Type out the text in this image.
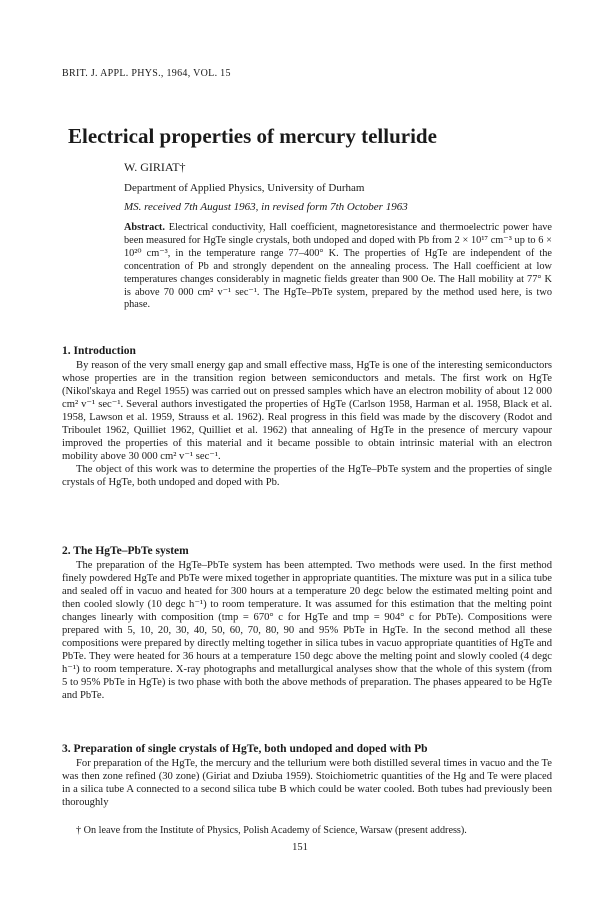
BRIT. J. APPL. PHYS., 1964, VOL. 15
Electrical properties of mercury telluride
W. GIRIAT†
Department of Applied Physics, University of Durham
MS. received 7th August 1963, in revised form 7th October 1963
Abstract. Electrical conductivity, Hall coefficient, magnetoresistance and thermoelectric power have been measured for HgTe single crystals, both undoped and doped with Pb from 2 × 10¹⁷ cm⁻³ up to 6 × 10²⁰ cm⁻³, in the temperature range 77–400° K. The properties of HgTe are independent of the concentration of Pb and strongly dependent on the annealing process. The Hall coefficient at low temperatures changes considerably in magnetic fields greater than 900 Oe. The Hall mobility at 77° K is above 70 000 cm² v⁻¹ sec⁻¹. The HgTe–PbTe system, prepared by the method used here, is two phase.
1. Introduction

By reason of the very small energy gap and small effective mass, HgTe is one of the interesting semiconductors whose properties are in the transition region between semiconductors and metals. The first work on HgTe (Nikol'skaya and Regel 1955) was carried out on pressed samples which have an electron mobility of about 12 000 cm² v⁻¹ sec⁻¹. Several authors investigated the properties of HgTe (Carlson 1958, Harman et al. 1958, Black et al. 1958, Lawson et al. 1959, Strauss et al. 1962). Real progress in this field was made by the discovery (Rodot and Triboulet 1962, Quilliet 1962, Quilliet et al. 1962) that annealing of HgTe in the presence of mercury vapour improved the properties of this material and it became possible to obtain intrinsic material with an electron mobility above 30 000 cm² v⁻¹ sec⁻¹.

The object of this work was to determine the properties of the HgTe–PbTe system and the properties of single crystals of HgTe, both undoped and doped with Pb.

2. The HgTe–PbTe system

The preparation of the HgTe–PbTe system has been attempted. Two methods were used. In the first method finely powdered HgTe and PbTe were mixed together in appropriate quantities. The mixture was put in a silica tube and sealed off in vacuo and heated for 300 hours at a temperature 20 degc below the estimated melting point and then cooled slowly (10 degc h⁻¹) to room temperature. It was assumed for this estimation that the melting point changes linearly with composition (tmp = 670° c for HgTe and tmp = 904° c for PbTe). Compositions were prepared with 5, 10, 20, 30, 40, 50, 60, 70, 80, 90 and 95% PbTe in HgTe. In the second method all these compositions were prepared by directly melting together in silica tubes in vacuo appropriate quantities of HgTe and PbTe. They were heated for 36 hours at a temperature 150 degc above the melting point and slowly cooled (4 degc h⁻¹) to room temperature. X-ray photographs and metallurgical analyses show that the whole of this system (from 5 to 95% PbTe in HgTe) is two phase with both the above methods of preparation. The phases appeared to be HgTe and PbTe.

3. Preparation of single crystals of HgTe, both undoped and doped with Pb

For preparation of the HgTe, the mercury and the tellurium were both distilled several times in vacuo and the Te was then zone refined (30 zone) (Giriat and Dziuba 1959). Stoichiometric quantities of the Hg and Te were placed in a silica tube A connected to a second silica tube B which could be water cooled. Both tubes had previously been thoroughly

† On leave from the Institute of Physics, Polish Academy of Science, Warsaw (present address).
151
